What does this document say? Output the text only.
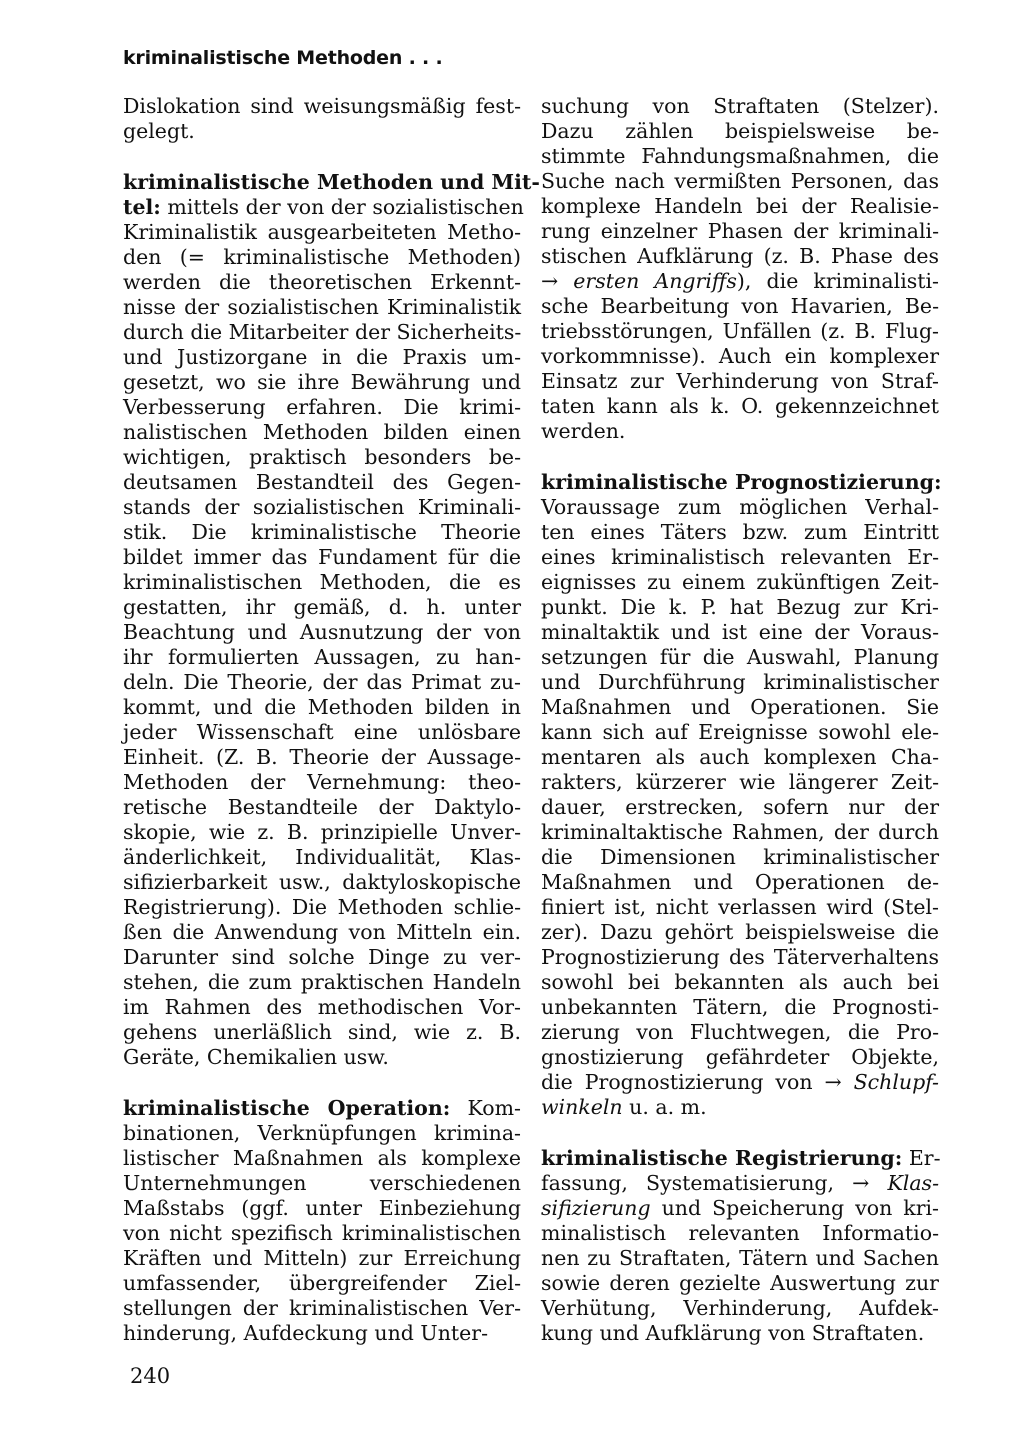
kriminalistische Methoden . . .
Dislokation sind weisungsmäßig fest-
gelegt.
kriminalistische Methoden und Mit-
tel: mittels der von der sozialistischen
Kriminalistik ausgearbeiteten Metho-
den (= kriminalistische Methoden)
werden die theoretischen Erkennt-
nisse der sozialistischen Kriminalistik
durch die Mitarbeiter der Sicherheits-
und Justizorgane in die Praxis um-
gesetzt, wo sie ihre Bewährung und
Verbesserung erfahren. Die krimi-
nalistischen Methoden bilden einen
wichtigen, praktisch besonders be-
deutsamen Bestandteil des Gegen-
stands der sozialistischen Kriminali-
stik. Die kriminalistische Theorie
bildet immer das Fundament für die
kriminalistischen Methoden, die es
gestatten, ihr gemäß, d. h. unter
Beachtung und Ausnutzung der von
ihr formulierten Aussagen, zu han-
deln. Die Theorie, der das Primat zu-
kommt, und die Methoden bilden in
jeder Wissenschaft eine unlösbare
Einheit. (Z. B. Theorie der Aussage-
Methoden der Vernehmung: theo-
retische Bestandteile der Daktylo-
skopie, wie z. B. prinzipielle Unver-
änderlichkeit, Individualität, Klas-
sifizierbarkeit usw., daktyloskopische
Registrierung). Die Methoden schlie-
ßen die Anwendung von Mitteln ein.
Darunter sind solche Dinge zu ver-
stehen, die zum praktischen Handeln
im Rahmen des methodischen Vor-
gehens unerläßlich sind, wie z. B.
Geräte, Chemikalien usw.
kriminalistische Operation: Kom-
binationen, Verknüpfungen krimina-
listischer Maßnahmen als komplexe
Unternehmungen verschiedenen
Maßstabs (ggf. unter Einbeziehung
von nicht spezifisch kriminalistischen
Kräften und Mitteln) zur Erreichung
umfassender, übergreifender Ziel-
stellungen der kriminalistischen Ver-
hinderung, Aufdeckung und Unter-
suchung von Straftaten (Stelzer).
Dazu zählen beispielsweise be-
stimmte Fahndungsmaßnahmen, die
Suche nach vermißten Personen, das
komplexe Handeln bei der Realisie-
rung einzelner Phasen der kriminali-
stischen Aufklärung (z. B. Phase des
→ ersten Angriffs), die kriminalisti-
sche Bearbeitung von Havarien, Be-
triebsstörungen, Unfällen (z. B. Flug-
vorkommnisse). Auch ein komplexer
Einsatz zur Verhinderung von Straf-
taten kann als k. O. gekennzeichnet
werden.
kriminalistische Prognostizierung:
Voraussage zum möglichen Verhal-
ten eines Täters bzw. zum Eintritt
eines kriminalistisch relevanten Er-
eignisses zu einem zukünftigen Zeit-
punkt. Die k. P. hat Bezug zur Kri-
minaltaktik und ist eine der Voraus-
setzungen für die Auswahl, Planung
und Durchführung kriminalistischer
Maßnahmen und Operationen. Sie
kann sich auf Ereignisse sowohl ele-
mentaren als auch komplexen Cha-
rakters, kürzerer wie längerer Zeit-
dauer, erstrecken, sofern nur der
kriminaltaktische Rahmen, der durch
die Dimensionen kriminalistischer
Maßnahmen und Operationen de-
finiert ist, nicht verlassen wird (Stel-
zer). Dazu gehört beispielsweise die
Prognostizierung des Täterverhaltens
sowohl bei bekannten als auch bei
unbekannten Tätern, die Prognosti-
zierung von Fluchtwegen, die Pro-
gnostizierung gefährdeter Objekte,
die Prognostizierung von → Schlupf-
winkeln u. a. m.
kriminalistische Registrierung: Er-
fassung, Systematisierung, → Klas-
sifizierung und Speicherung von kri-
minalistisch relevanten Informatio-
nen zu Straftaten, Tätern und Sachen
sowie deren gezielte Auswertung zur
Verhütung, Verhinderung, Aufdek-
kung und Aufklärung von Straftaten.
240
